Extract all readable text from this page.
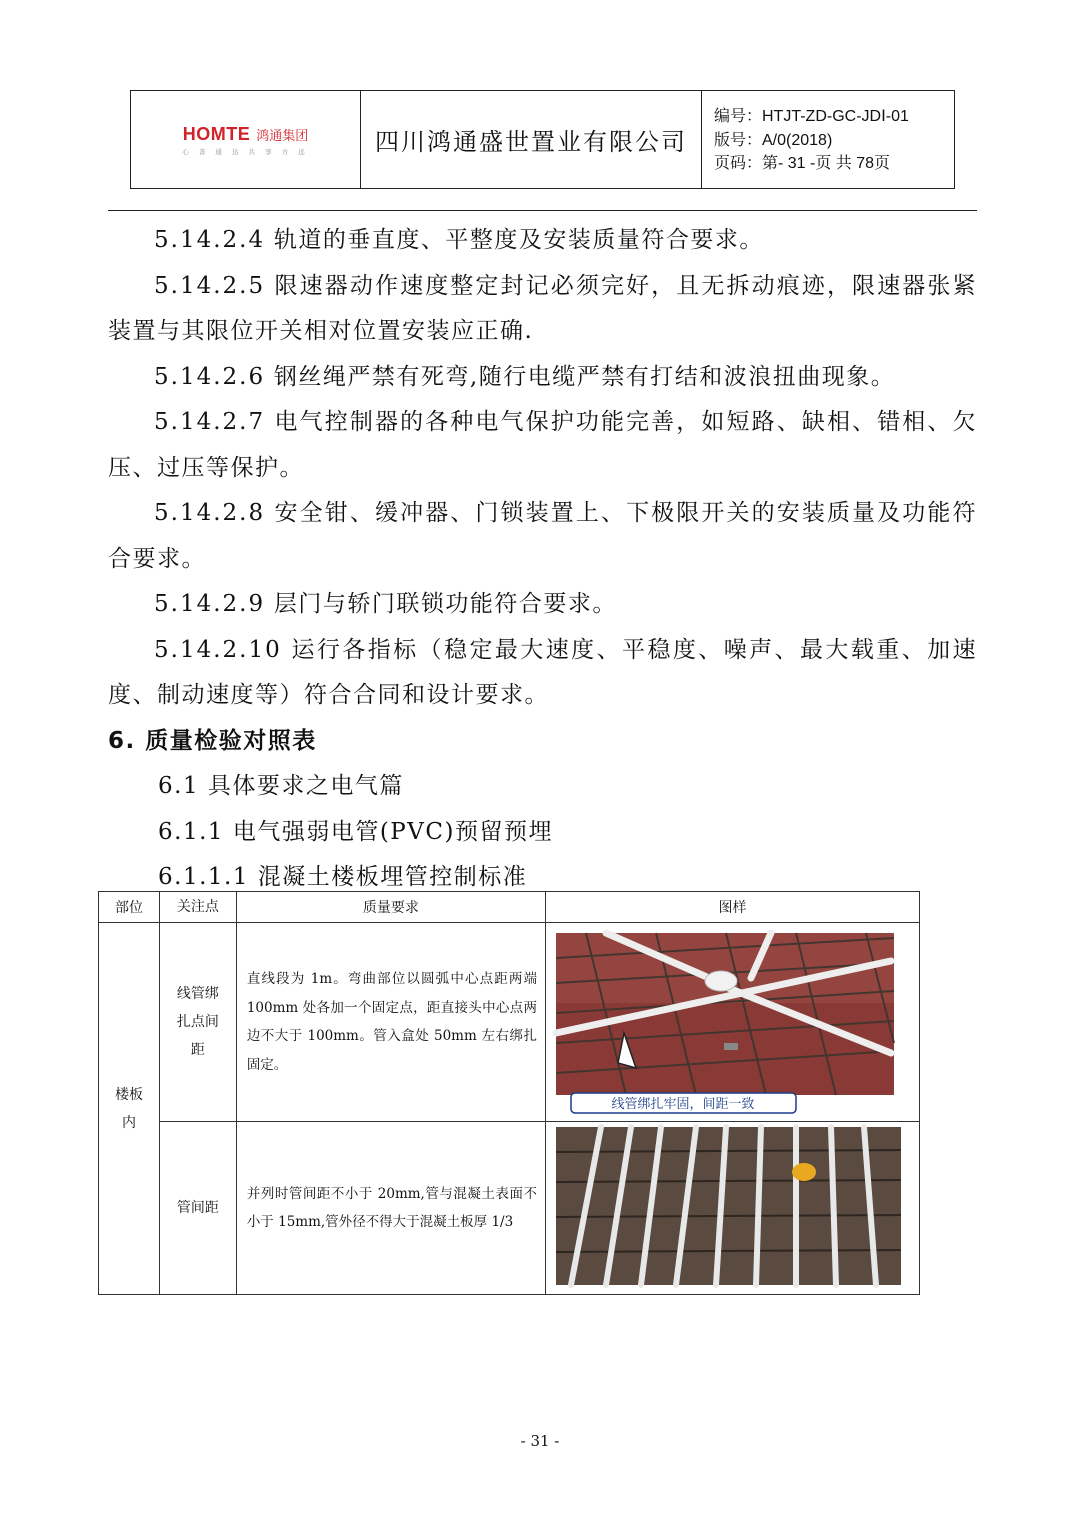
HOMTE 鸿通集团
心 善 通 达 共 享 方 远	四川鸿通盛世置业有限公司
编号：HTJT-ZD-GC-JDⅠ-01
版号：A/0(2018)
页码：第- 31 -页 共 78页

5.14.2.4 轨道的垂直度、平整度及安装质量符合要求。

5.14.2.5 限速器动作速度整定封记必须完好，且无拆动痕迹，限速器张紧装置与其限位开关相对位置安装应正确.

5.14.2.6 钢丝绳严禁有死弯,随行电缆严禁有打结和波浪扭曲现象。

5.14.2.7 电气控制器的各种电气保护功能完善，如短路、缺相、错相、欠压、过压等保护。

5.14.2.8 安全钳、缓冲器、门锁装置上、下极限开关的安装质量及功能符合要求。

5.14.2.9 层门与轿门联锁功能符合要求。

5.14.2.10 运行各指标（稳定最大速度、平稳度、噪声、最大载重、加速度、制动速度等）符合合同和设计要求。

6. 质量检验对照表

6.1 具体要求之电气篇

6.1.1 电气强弱电管(PVC)预留预埋

6.1.1.1 混凝土楼板埋管控制标准

部位	关注点	质量要求	图样

楼板内	线管绑扎点间距	直线段为 1m。弯曲部位以圆弧中心点距两端 100mm 处各加一个固定点，距直接头中心点两边不大于 100mm。管入盒处 50mm 左右绑扎固定。	线管绑扎牢固，间距一致

	管间距	并列时管间距不小于 20mm,管与混凝土表面不小于 15mm,管外径不得大于混凝土板厚 1/3	
- 31 -
